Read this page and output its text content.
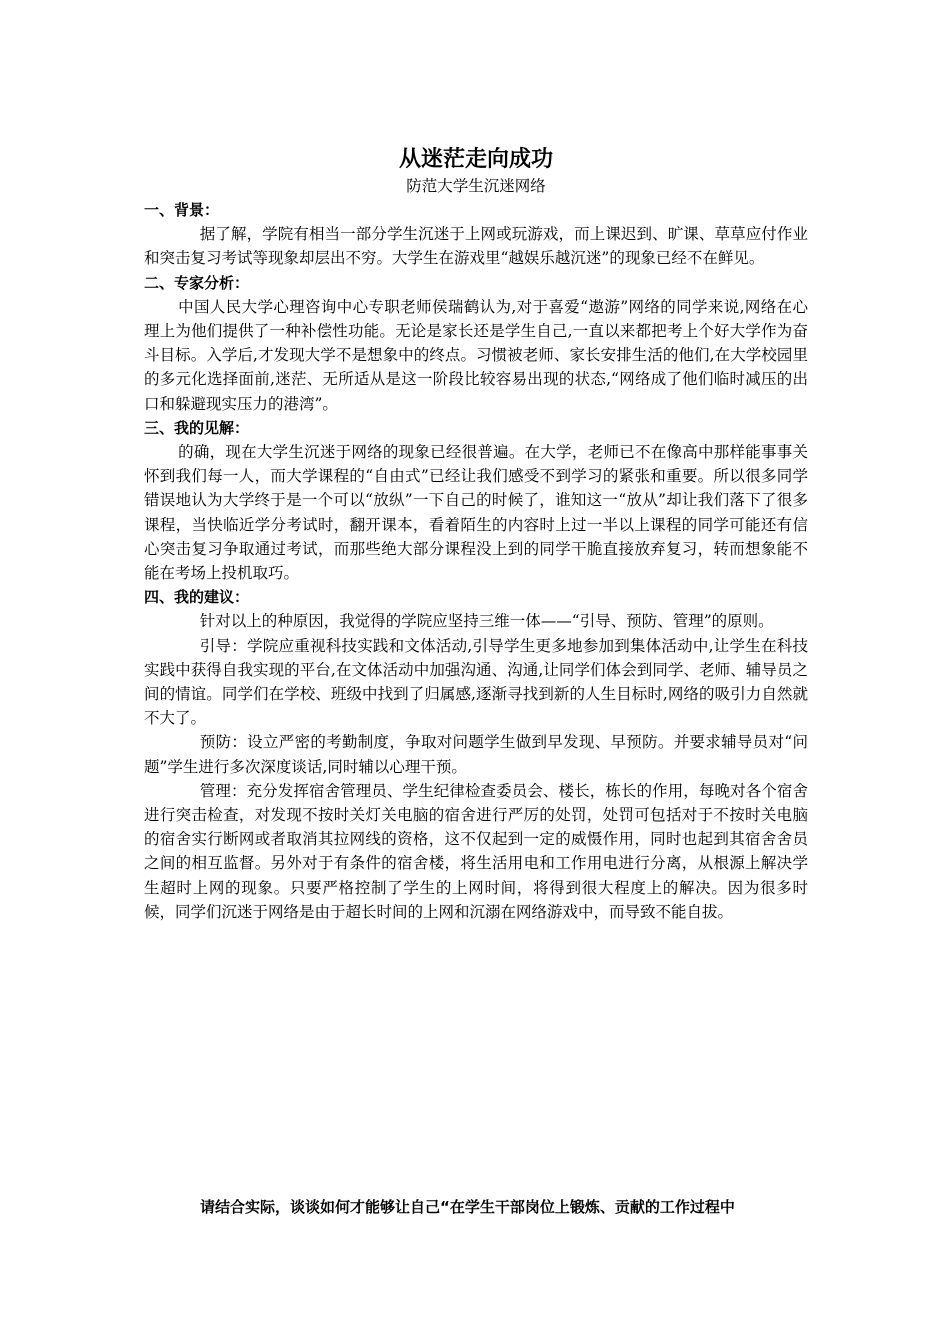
从迷茫走向成功

防范大学生沉迷网络

一、背景：

据了解，学院有相当一部分学生沉迷于上网或玩游戏，而上课迟到、旷课、草草应付作业和突击复习考试等现象却层出不穷。大学生在游戏里“越娱乐越沉迷”的现象已经不在鲜见。

二、专家分析：

中国人民大学心理咨询中心专职老师侯瑞鹤认为,对于喜爱“遨游”网络的同学来说,网络在心理上为他们提供了一种补偿性功能。无论是家长还是学生自己,一直以来都把考上个好大学作为奋斗目标。入学后,才发现大学不是想象中的终点。习惯被老师、家长安排生活的他们,在大学校园里的多元化选择面前,迷茫、无所适从是这一阶段比较容易出现的状态,“网络成了他们临时减压的出口和躲避现实压力的港湾”。

三、我的见解：

的确，现在大学生沉迷于网络的现象已经很普遍。在大学，老师已不在像高中那样能事事关怀到我们每一人，而大学课程的“自由式”已经让我们感受不到学习的紧张和重要。所以很多同学错误地认为大学终于是一个可以“放纵”一下自己的时候了，谁知这一“放从”却让我们落下了很多课程，当快临近学分考试时，翻开课本，看着陌生的内容时上过一半以上课程的同学可能还有信心突击复习争取通过考试，而那些绝大部分课程没上到的同学干脆直接放弃复习，转而想象能不能在考场上投机取巧。

四、我的建议：

针对以上的种原因，我觉得的学院应坚持三维一体——“引导、预防、管理”的原则。

引导：学院应重视科技实践和文体活动,引导学生更多地参加到集体活动中,让学生在科技实践中获得自我实现的平台,在文体活动中加强沟通、沟通,让同学们体会到同学、老师、辅导员之间的情谊。同学们在学校、班级中找到了归属感,逐渐寻找到新的人生目标时,网络的吸引力自然就不大了。

预防：设立严密的考勤制度，争取对问题学生做到早发现、早预防。并要求辅导员对“问题”学生进行多次深度谈话,同时辅以心理干预。

管理：充分发挥宿舍管理员、学生纪律检查委员会、楼长，栋长的作用，每晚对各个宿舍进行突击检查，对发现不按时关灯关电脑的宿舍进行严厉的处罚，处罚可包括对于不按时关电脑的宿舍实行断网或者取消其拉网线的资格，这不仅起到一定的威慑作用，同时也起到其宿舍舍员之间的相互监督。另外对于有条件的宿舍楼，将生活用电和工作用电进行分离，从根源上解决学生超时上网的现象。只要严格控制了学生的上网时间，将得到很大程度上的解决。因为很多时候，同学们沉迷于网络是由于超长时间的上网和沉溺在网络游戏中，而导致不能自拔。

请结合实际，谈谈如何才能够让自己“在学生干部岗位上锻炼、贡献的工作过程中
